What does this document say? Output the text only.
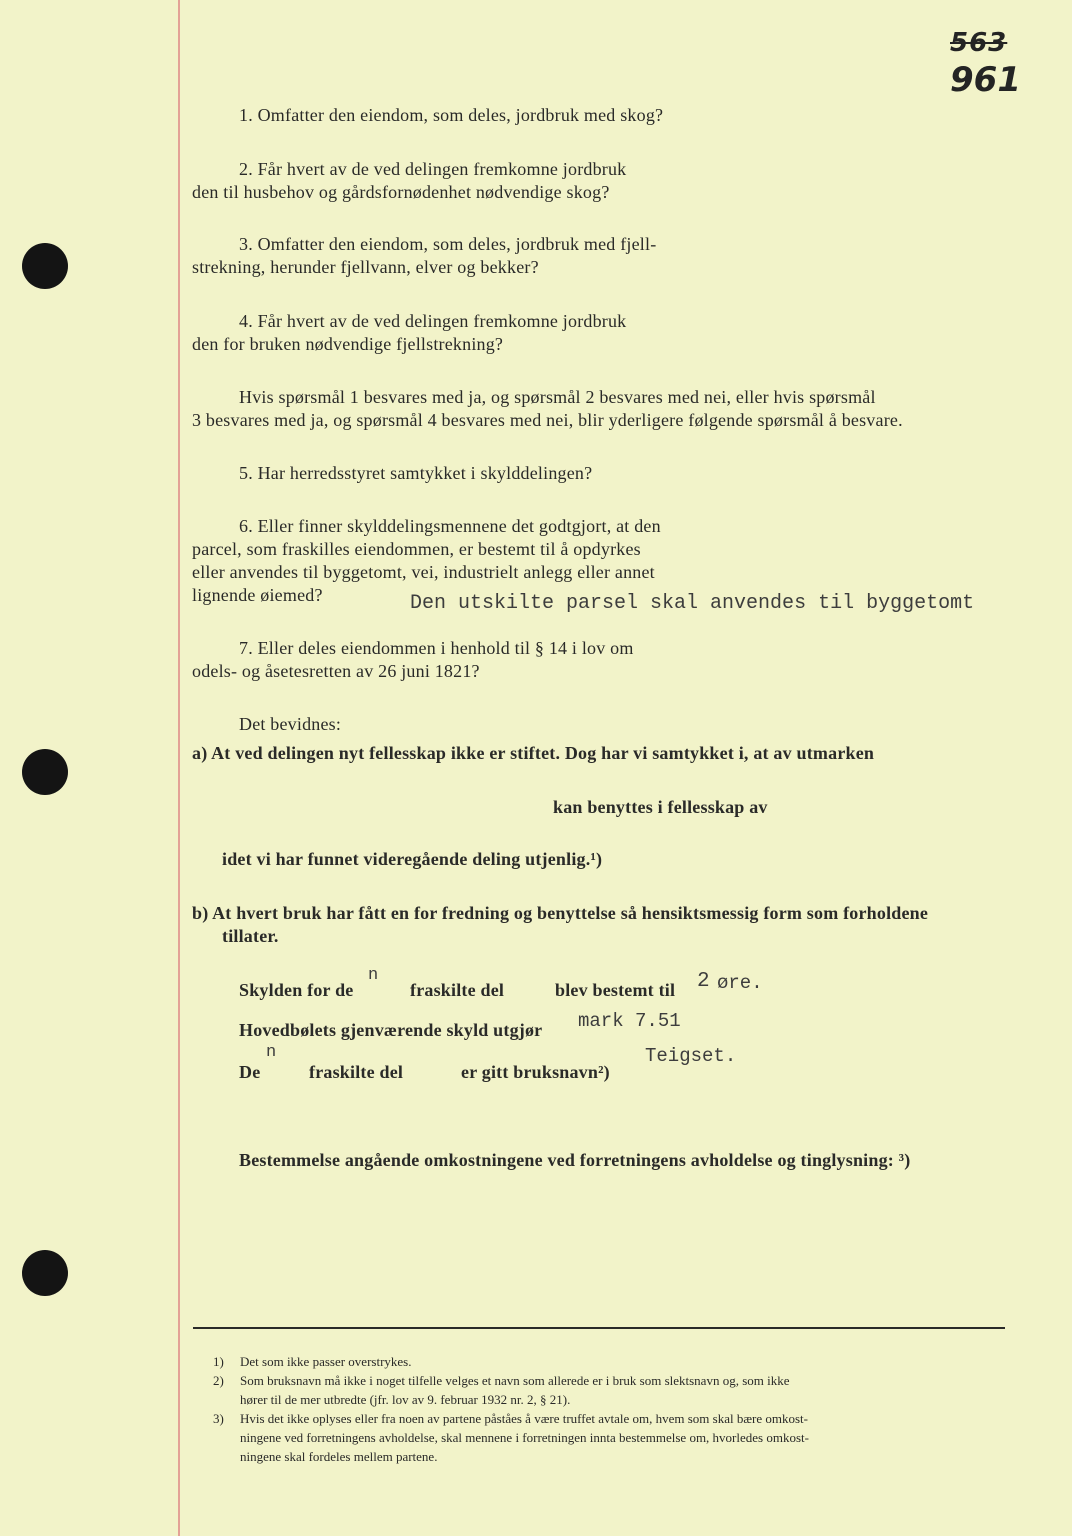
563
961
1. Omfatter den eiendom, som deles, jordbruk med skog?
2. Får hvert av de ved delingen fremkomne jordbruk
den til husbehov og gårdsfornødenhet nødvendige skog?
3. Omfatter den eiendom, som deles, jordbruk med fjell-
strekning, herunder fjellvann, elver og bekker?
4. Får hvert av de ved delingen fremkomne jordbruk
den for bruken nødvendige fjellstrekning?
Hvis spørsmål 1 besvares med ja, og spørsmål 2 besvares med nei, eller hvis spørsmål
3 besvares med ja, og spørsmål 4 besvares med nei, blir yderligere følgende spørsmål å besvare.
5. Har herredsstyret samtykket i skylddelingen?
6. Eller finner skylddelingsmennene det godtgjort, at den
parcel, som fraskilles eiendommen, er bestemt til å opdyrkes
eller anvendes til byggetomt, vei, industrielt anlegg eller annet
lignende øiemed?	Den utskilte parsel skal anvendes til byggetomt
7. Eller deles eiendommen i henhold til § 14 i lov om
odels- og åsetesretten av 26 juni 1821?
Det bevidnes:
a) At ved delingen nyt fellesskap ikke er stiftet. Dog har vi samtykket i, at av utmarken
kan benyttes i fellesskap av
idet vi har funnet videregående deling utjenlig.¹)
b) At hvert bruk har fått en for fredning og benyttelse så hensiktsmessig form som forholdene
tillater.
Skylden for de
n
fraskilte del	blev bestemt til 2 øre.
Hovedbølets gjenværende skyld utgjør mark 7.51
De
n
fraskilte del	er gitt bruksnavn²)
Teigset.
Bestemmelse angående omkostningene ved forretningens avholdelse og tinglysning: ³)
1) Det som ikke passer overstrykes.
2) Som bruksnavn må ikke i noget tilfelle velges et navn som allerede er i bruk som slektsnavn og, som ikke
hører til de mer utbredte (jfr. lov av 9. februar 1932 nr. 2, § 21).
3) Hvis det ikke oplyses eller fra noen av partene påståes å være truffet avtale om, hvem som skal bære omkost-
ningene ved forretningens avholdelse, skal mennene i forretningen innta bestemmelse om, hvorledes omkost-
ningene skal fordeles mellem partene.
